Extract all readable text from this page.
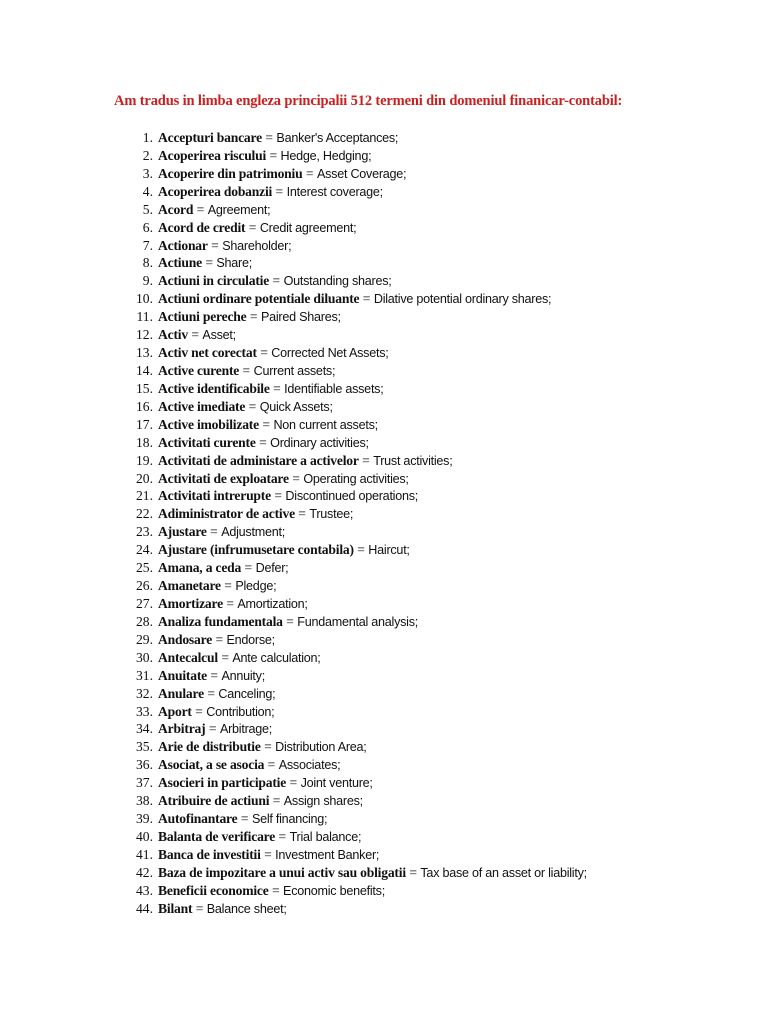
Am tradus in limba engleza principalii 512 termeni din domeniul finanicar-contabil:
1. Accepturi bancare = Banker's Acceptances;
2. Acoperirea riscului = Hedge, Hedging;
3. Acoperire din patrimoniu = Asset Coverage;
4. Acoperirea dobanzii = Interest coverage;
5. Acord = Agreement;
6. Acord de credit = Credit agreement;
7. Actionar = Shareholder;
8. Actiune = Share;
9. Actiuni in circulatie = Outstanding shares;
10. Actiuni ordinare potentiale diluante = Dilative potential ordinary shares;
11. Actiuni pereche = Paired Shares;
12. Activ = Asset;
13. Activ net corectat = Corrected Net Assets;
14. Active curente = Current assets;
15. Active identificabile = Identifiable assets;
16. Active imediate = Quick Assets;
17. Active imobilizate = Non current assets;
18. Activitati curente = Ordinary activities;
19. Activitati de administare a activelor = Trust activities;
20. Activitati de exploatare = Operating activities;
21. Activitati intrerupte = Discontinued operations;
22. Adiministrator de active = Trustee;
23. Ajustare = Adjustment;
24. Ajustare (infrumusetare contabila) = Haircut;
25. Amana, a ceda = Defer;
26. Amanetare = Pledge;
27. Amortizare = Amortization;
28. Analiza fundamentala = Fundamental analysis;
29. Andosare = Endorse;
30. Antecalcul = Ante calculation;
31. Anuitate = Annuity;
32. Anulare = Canceling;
33. Aport = Contribution;
34. Arbitraj = Arbitrage;
35. Arie de distributie = Distribution Area;
36. Asociat, a se asocia = Associates;
37. Asocieri in participatie = Joint venture;
38. Atribuire de actiuni = Assign shares;
39. Autofinantare = Self financing;
40. Balanta de verificare = Trial balance;
41. Banca de investitii = Investment Banker;
42. Baza de impozitare a unui activ sau obligatii = Tax base of an asset or liability;
43. Beneficii economice = Economic benefits;
44. Bilant = Balance sheet;
